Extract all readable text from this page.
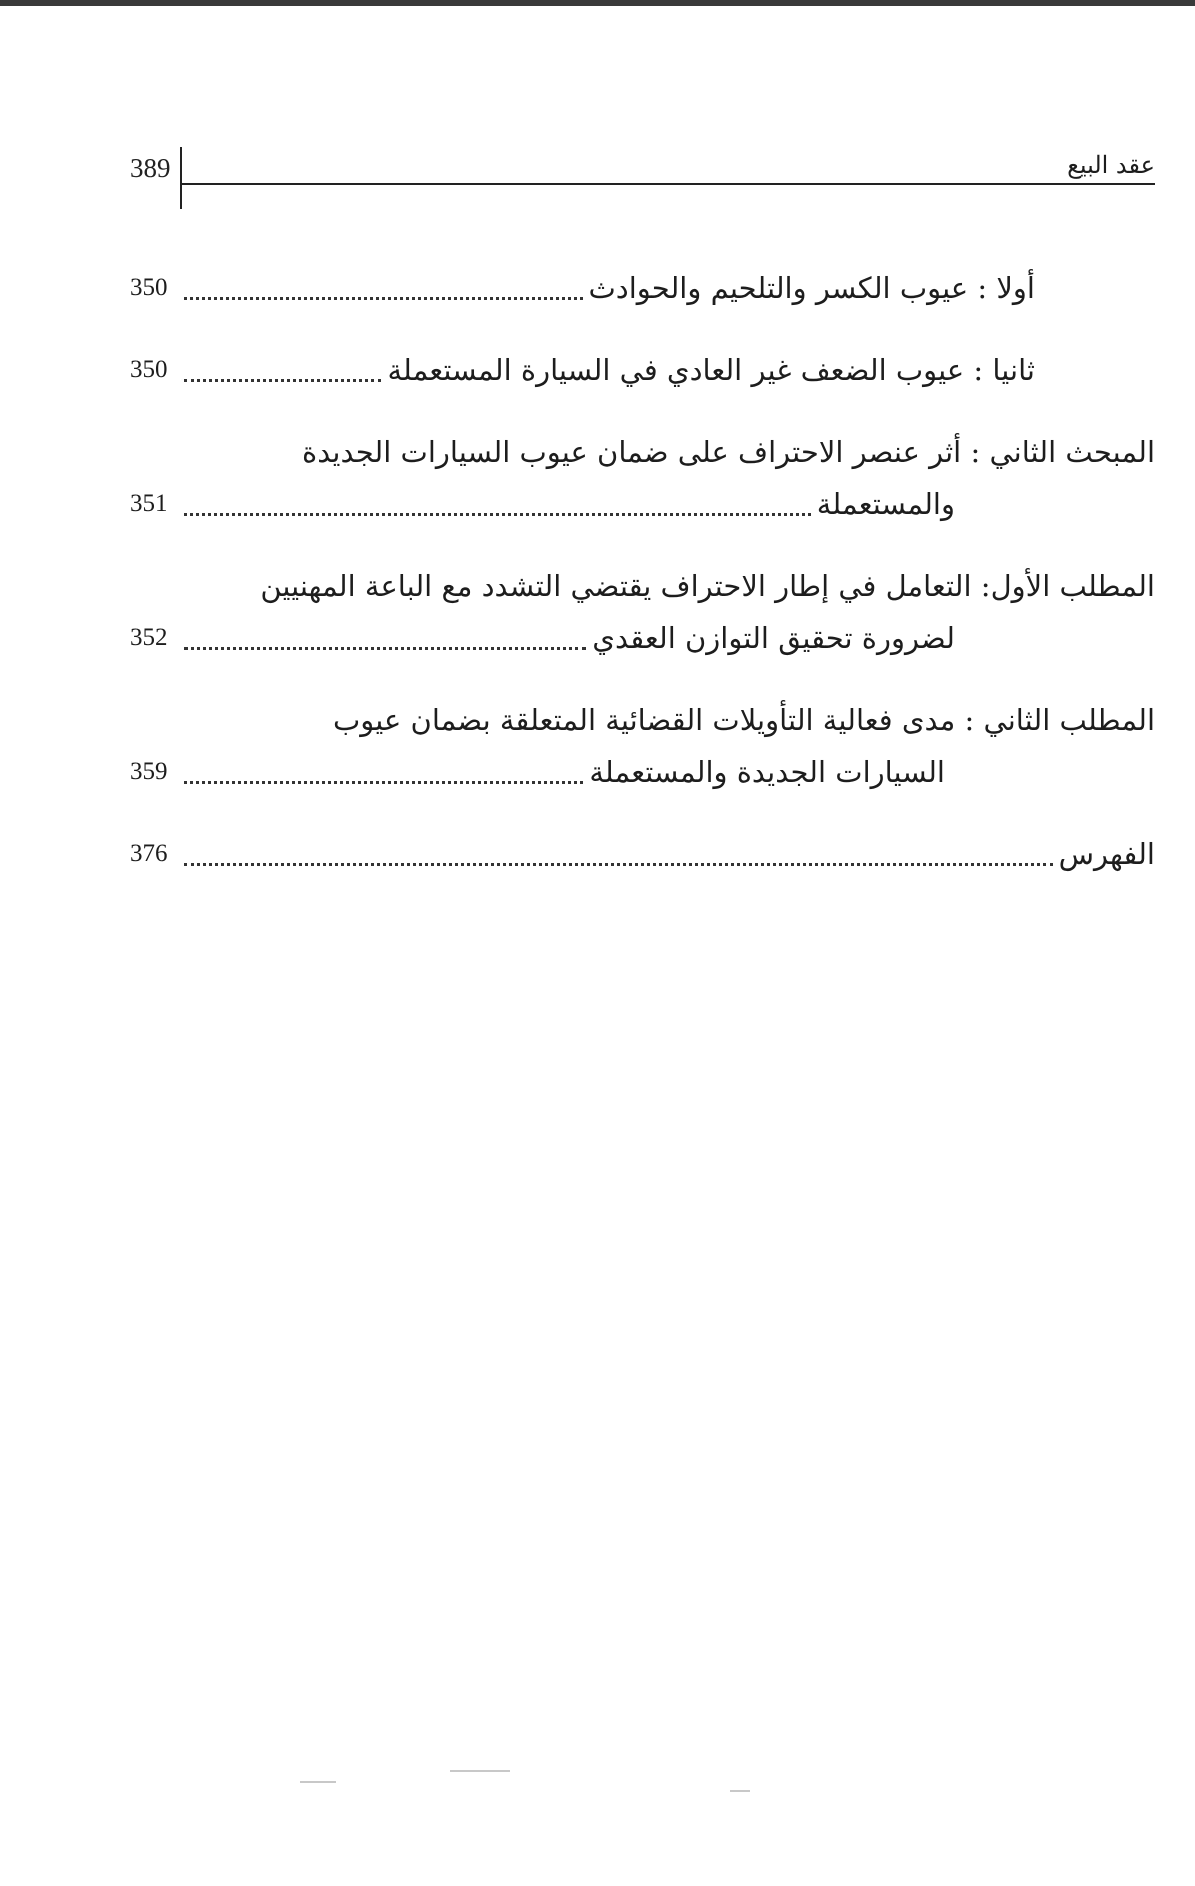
389	عقد البيع
أولا : عيوب الكسر والتلحيم والحوادث
350
ثانيا : عيوب الضعف غير العادي في السيارة المستعملة
350
المبحث الثاني : أثر عنصر الاحتراف على ضمان عيوب السيارات الجديدة
والمستعملة
351
المطلب الأول: التعامل في إطار الاحتراف يقتضي التشدد مع الباعة المهنيين
لضرورة تحقيق التوازن العقدي
352
المطلب الثاني : مدى فعالية التأويلات القضائية المتعلقة بضمان عيوب
السيارات الجديدة والمستعملة
359
الفهرس
376
